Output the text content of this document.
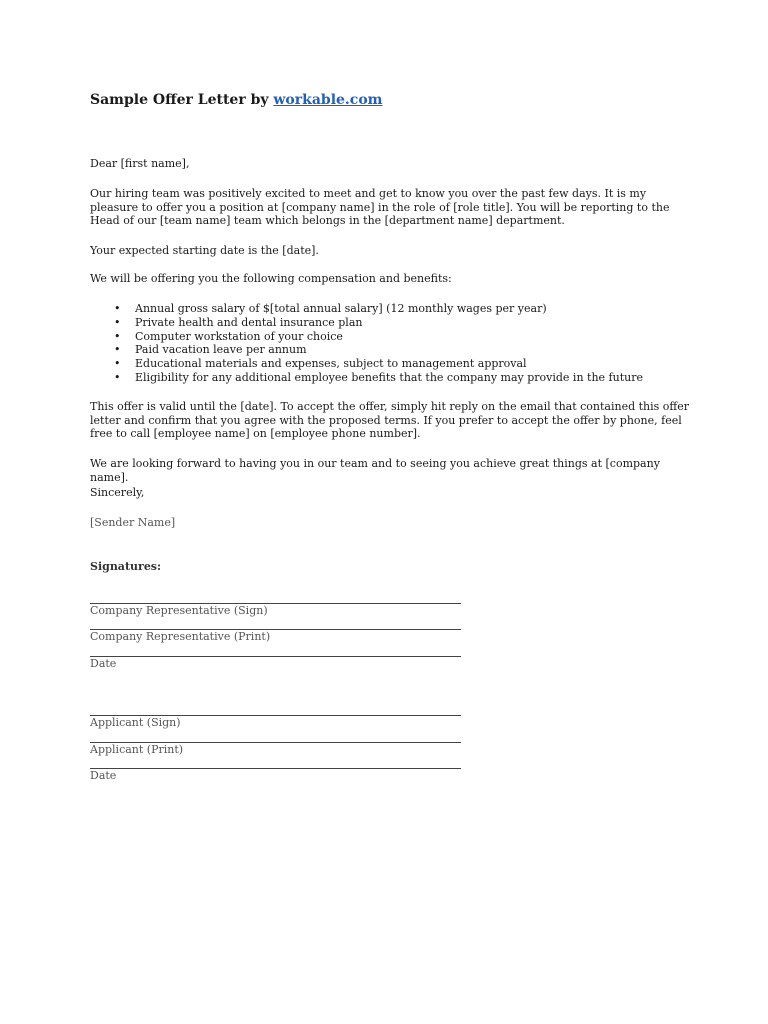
Sample Offer Letter by workable.com

Dear [first name],

Our hiring team was positively excited to meet and get to know you over the past few days. It is my pleasure to offer you a position at [company name] in the role of [role title]. You will be reporting to the Head of our [team name] team which belongs in the [department name] department.

Your expected starting date is the [date].

We will be offering you the following compensation and benefits:

• Annual gross salary of $[total annual salary] (12 monthly wages per year)
• Private health and dental insurance plan
• Computer workstation of your choice
• Paid vacation leave per annum
• Educational materials and expenses, subject to management approval
• Eligibility for any additional employee benefits that the company may provide in the future

This offer is valid until the [date]. To accept the offer, simply hit reply on the email that contained this offer letter and confirm that you agree with the proposed terms. If you prefer to accept the offer by phone, feel free to call [employee name] on [employee phone number].

We are looking forward to having you in our team and to seeing you achieve great things at [company name].

Sincerely,

[Sender Name]

Signatures:

Company Representative (Sign)
Company Representative (Print)
Date
Applicant (Sign)
Applicant (Print)
Date
